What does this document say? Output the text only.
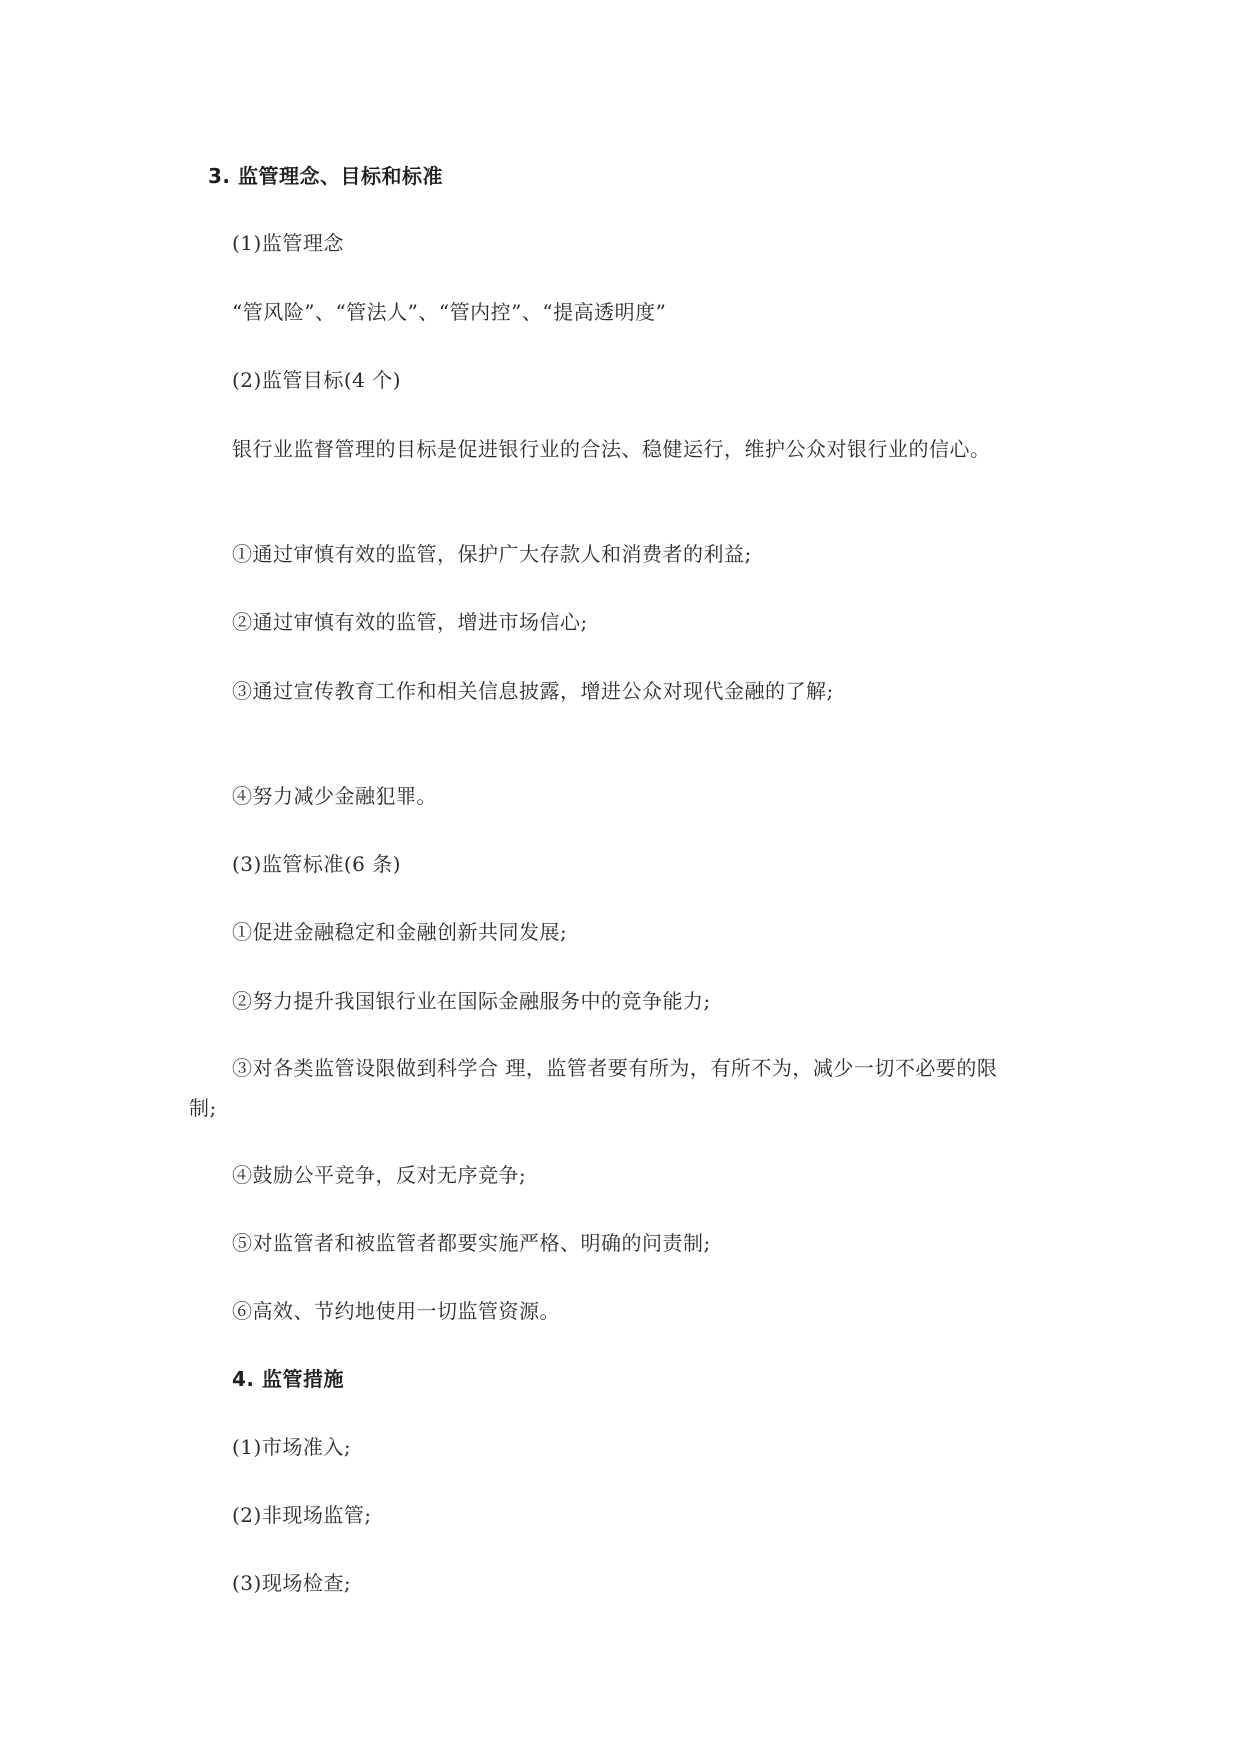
3. 监管理念、目标和标准
(1)监管理念
“管风险”、“管法人”、“管内控”、“提高透明度”
(2)监管目标(4 个)
银行业监督管理的目标是促进银行业的合法、稳健运行，维护公众对银行业的信心。
①通过审慎有效的监管，保护广大存款人和消费者的利益;
②通过审慎有效的监管，增进市场信心;
③通过宣传教育工作和相关信息披露，增进公众对现代金融的了解;
④努力减少金融犯罪。
(3)监管标准(6 条)
①促进金融稳定和金融创新共同发展;
②努力提升我国银行业在国际金融服务中的竞争能力;
③对各类监管设限做到科学合 理，监管者要有所为，有所不为，减少一切不必要的限
制;
④鼓励公平竞争，反对无序竞争;
⑤对监管者和被监管者都要实施严格、明确的问责制;
⑥高效、节约地使用一切监管资源。
4. 监管措施
(1)市场准入;
(2)非现场监管;
(3)现场检查;
